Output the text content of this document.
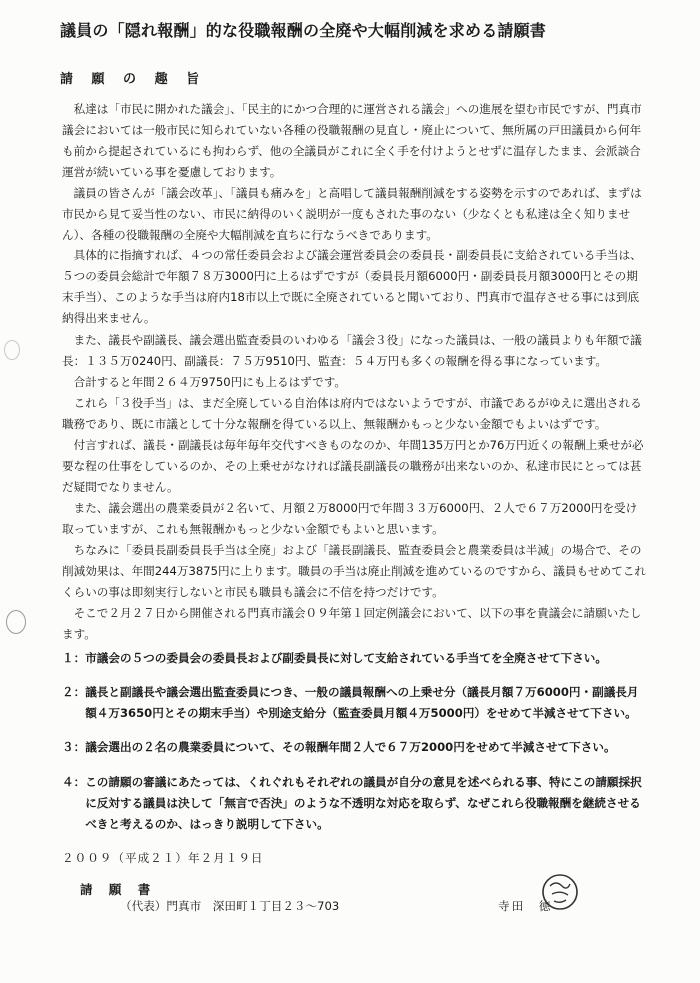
議員の「隠れ報酬」的な役職報酬の全廃や大幅削減を求める請願書
請 願 の 趣 旨

私達は「市民に開かれた議会」、「民主的にかつ合理的に運営される議会」への進展を望む市民ですが、門真市議会においては一般市民に知られていない各種の役職報酬の見直し・廃止について、無所属の戸田議員から何年も前から提起されているにも拘わらず、他の全議員がこれに全く手を付けようとせずに温存したまま、会派談合運営が続いている事を憂慮しております。

議員の皆さんが「議会改革」、「議員も痛みを」と高唱して議員報酬削減をする姿勢を示すのであれば、まずは市民から見て妥当性のない、市民に納得のいく説明が一度もされた事のない（少なくとも私達は全く知りません）、各種の役職報酬の全廃や大幅削減を直ちに行なうべきであります。

具体的に指摘すれば、４つの常任委員会および議会運営委員会の委員長・副委員長に支給されている手当は、５つの委員会総計で年額７８万3000円に上るはずですが（委員長月額6000円・副委員長月額3000円とその期末手当）、このような手当は府内18市以上で既に全廃されていると聞いており、門真市で温存させる事には到底納得出来ません。

また、議長や副議長、議会選出監査委員のいわゆる「議会３役」になった議員は、一般の議員よりも年額で議長：１３５万0240円、副議長：７５万9510円、監査：５４万円も多くの報酬を得る事になっています。

合計すると年間２６４万9750円にも上るはずです。

これら「３役手当」は、まだ全廃している自治体は府内ではないようですが、市議であるがゆえに選出される職務であり、既に市議として十分な報酬を得ている以上、無報酬かもっと少ない金額でもよいはずです。

付言すれば、議長・副議長は毎年毎年交代すべきものなのか、年間135万円とか76万円近くの報酬上乗せが必要な程の仕事をしているのか、その上乗せがなければ議長副議長の職務が出来ないのか、私達市民にとっては甚だ疑問でなりません。

また、議会選出の農業委員が２名いて、月額２万8000円で年間３３万6000円、２人で６７万2000円を受け取っていますが、これも無報酬かもっと少ない金額でもよいと思います。

ちなみに「委員長副委員長手当は全廃」および「議長副議長、監査委員会と農業委員は半減」の場合で、その削減効果は、年間244万3875円に上ります。職員の手当は廃止削減を進めているのですから、議員もせめてこれくらいの事は即刻実行しないと市民も職員も議会に不信を持つだけです。

そこで２月２７日から開催される門真市議会０９年第１回定例議会において、以下の事を貴議会に請願いたします。

１： 市議会の５つの委員会の委員長および副委員長に対して支給されている手当てを全廃させて下さい。
２： 議長と副議長や議会選出監査委員につき、一般の議員報酬への上乗せ分（議長月額７万6000円・副議長月額４万3650円とその期末手当）や別途支給分（監査委員月額４万5000円）をせめて半減させて下さい。
３： 議会選出の２名の農業委員について、その報酬年間２人で６７万2000円をせめて半減させて下さい。
４： この請願の審議にあたっては、くれぐれもそれぞれの議員が自分の意見を述べられる事、特にこの請願採択に反対する議員は決して「無言で否決」のような不透明な対応を取らず、なぜこれら役職報酬を継続させるべきと考えるのか、はっきり説明して下さい。
２００９（平成２１）年２月１９日
請 願 書
（代表）門真市　深田町１丁目２３～703	寺田　徳
